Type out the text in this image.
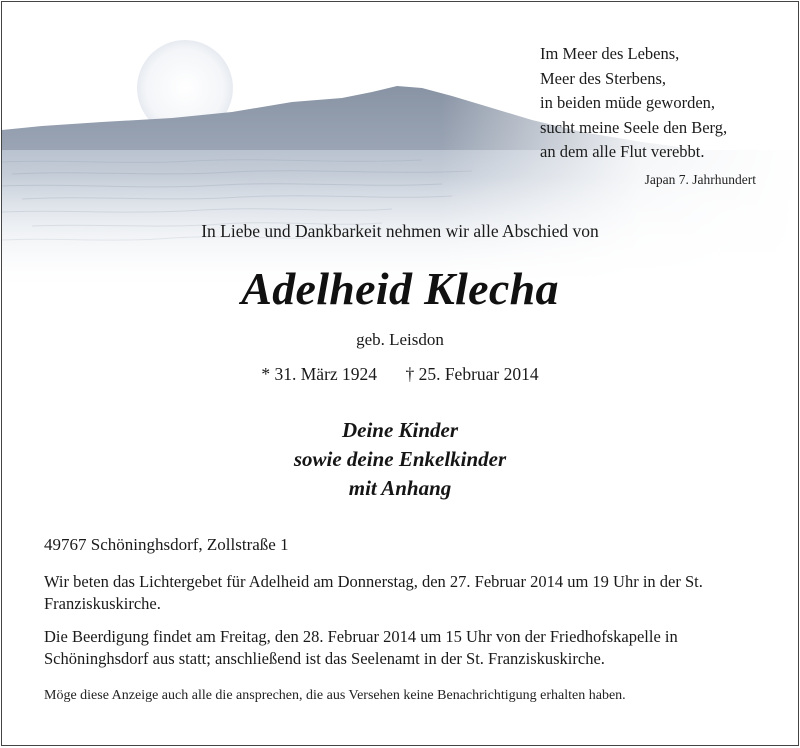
Im Meer des Lebens,
Meer des Sterbens,
in beiden müde geworden,
sucht meine Seele den Berg,
an dem alle Flut verebbt.
Japan 7. Jahrhundert
In Liebe und Dankbarkeit nehmen wir alle Abschied von
Adelheid Klecha
geb. Leisdon
* 31. März 1924 † 25. Februar 2014
Deine Kinder
sowie deine Enkelkinder
mit Anhang
49767 Schöninghsdorf, Zollstraße 1
Wir beten das Lichtergebet für Adelheid am Donnerstag, den 27. Februar 2014 um 19 Uhr in der St. Franziskuskirche.
Die Beerdigung findet am Freitag, den 28. Februar 2014 um 15 Uhr von der Friedhofskapelle in Schöninghsdorf aus statt; anschließend ist das Seelenamt in der St. Franziskuskirche.
Möge diese Anzeige auch alle die ansprechen, die aus Versehen keine Benachrichtigung erhalten haben.
